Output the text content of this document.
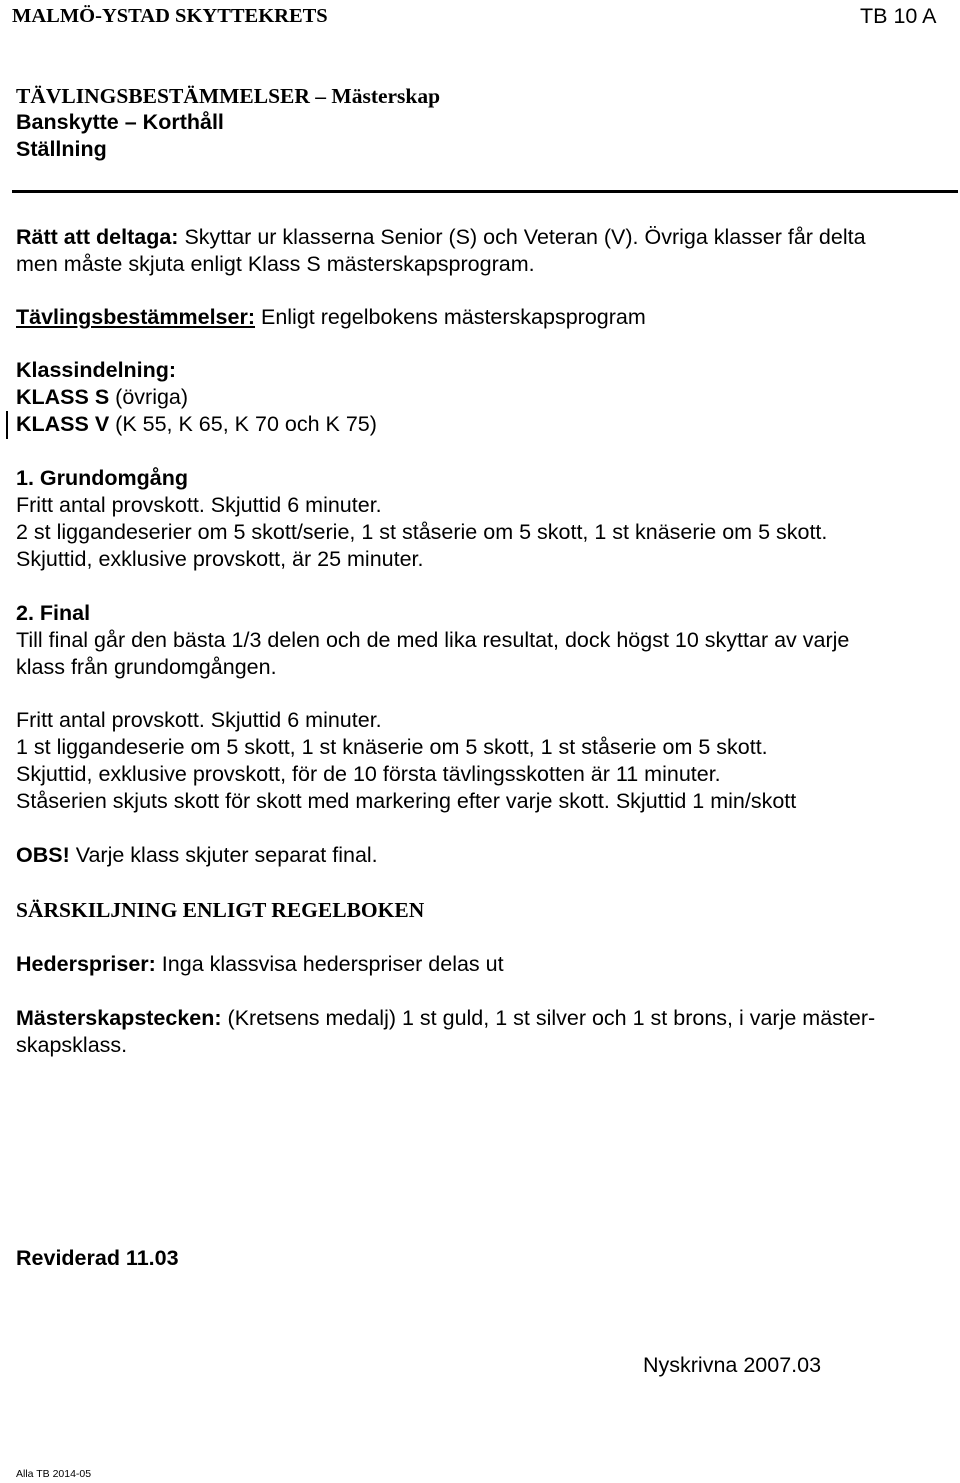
MALMÖ-YSTAD SKYTTEKRETS	TB 10 A
TÄVLINGSBESTÄMMELSER – Mästerskap
Banskytte – Korthåll
Ställning
Rätt att deltaga: Skyttar ur klasserna Senior (S) och Veteran (V). Övriga klasser får delta
men måste skjuta enligt Klass S mästerskapsprogram.
Tävlingsbestämmelser: Enligt regelbokens mästerskapsprogram
Klassindelning:
KLASS S (övriga)
KLASS V (K 55, K 65, K 70 och K 75)
1. Grundomgång
Fritt antal provskott. Skjuttid 6 minuter.
2 st liggandeserier om 5 skott/serie, 1 st ståserie om 5 skott, 1 st knäserie om 5 skott.
Skjuttid, exklusive provskott, är 25 minuter.
2. Final
Till final går den bästa 1/3 delen och de med lika resultat, dock högst 10 skyttar av varje
klass från grundomgången.
Fritt antal provskott. Skjuttid 6 minuter.
1 st liggandeserie om 5 skott, 1 st knäserie om 5 skott, 1 st ståserie om 5 skott.
Skjuttid, exklusive provskott, för de 10 första tävlingsskotten är 11 minuter.
Ståserien skjuts skott för skott med markering efter varje skott. Skjuttid 1 min/skott
OBS! Varje klass skjuter separat final.
SÄRSKILJNING ENLIGT REGELBOKEN
Hederspriser: Inga klassvisa hederspriser delas ut
Mästerskapstecken: (Kretsens medalj) 1 st guld, 1 st silver och 1 st brons, i varje mäster-
skapsklass.
Reviderad 11.03
Nyskrivna 2007.03
Alla TB 2014-05
